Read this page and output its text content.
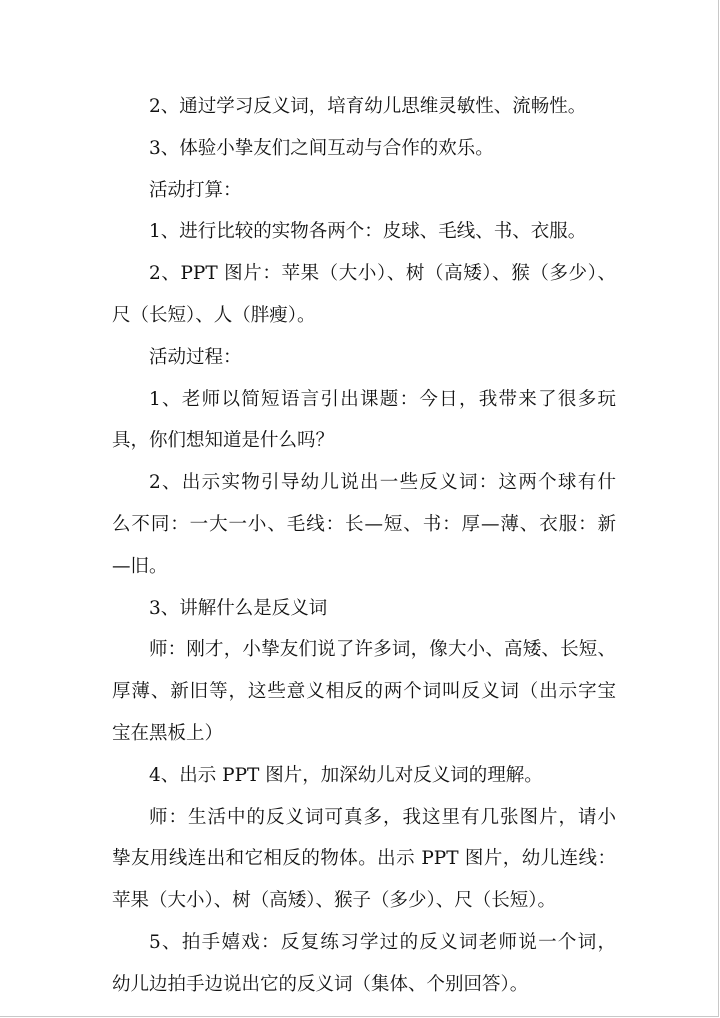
2、通过学习反义词，培育幼儿思维灵敏性、流畅性。
3、体验小挚友们之间互动与合作的欢乐。
活动打算：
1、进行比较的实物各两个：皮球、毛线、书、衣服。
2、PPT 图片：苹果（大小）、树（高矮）、猴（多少）、
尺（长短）、人（胖瘦）。
活动过程：
1、老师以简短语言引出课题：今日，我带来了很多玩
具，你们想知道是什么吗？
2、出示实物引导幼儿说出一些反义词：这两个球有什
么不同：一大一小、毛线：长—短、书：厚—薄、衣服：新
—旧。
3、讲解什么是反义词
师：刚才，小挚友们说了许多词，像大小、高矮、长短、
厚薄、新旧等，这些意义相反的两个词叫反义词（出示字宝
宝在黑板上）
4、出示 PPT 图片，加深幼儿对反义词的理解。
师：生活中的反义词可真多，我这里有几张图片，请小
挚友用线连出和它相反的物体。出示 PPT 图片，幼儿连线：
苹果（大小）、树（高矮）、猴子（多少）、尺（长短）。
5、拍手嬉戏：反复练习学过的反义词老师说一个词，
幼儿边拍手边说出它的反义词（集体、个别回答）。
